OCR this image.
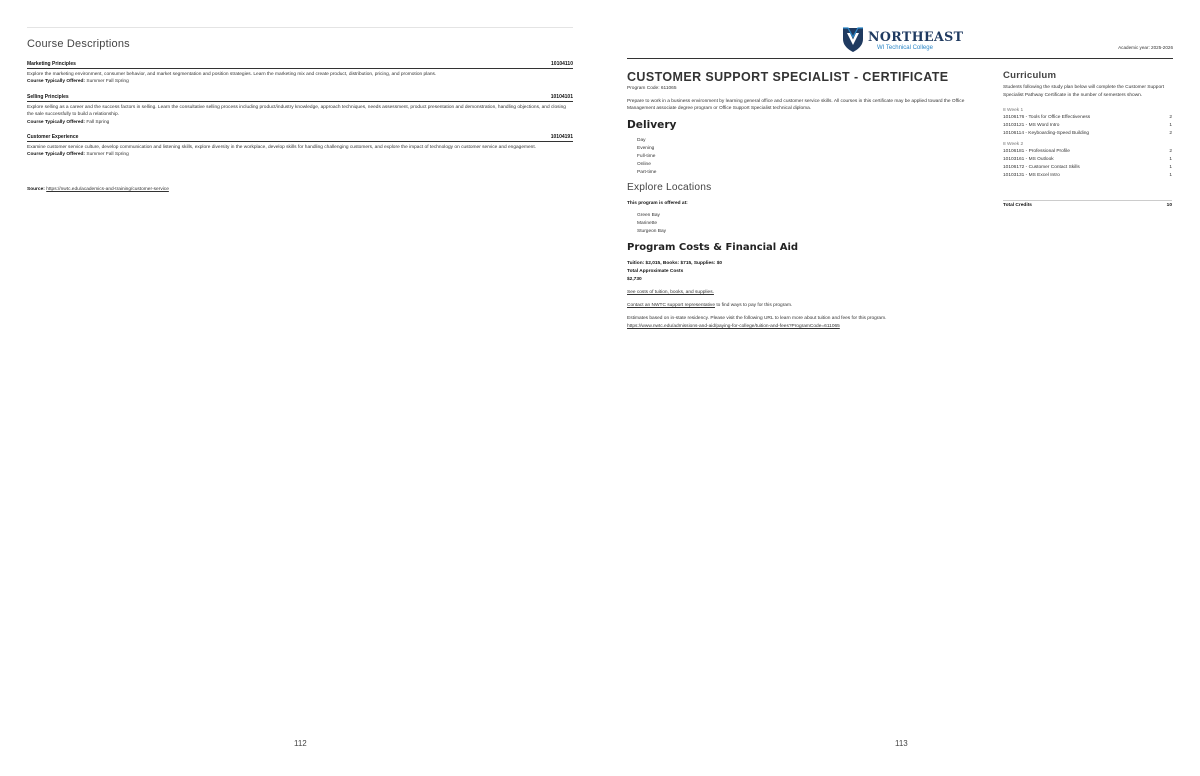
Course Descriptions
Marketing Principles	10104110
Explore the marketing environment, consumer behavior, and market segmentation and position strategies. Learn the marketing mix and create product, distribution, pricing, and promotion plans.
Course Typically Offered: Summer Fall Spring
Selling Principles	10104101
Explore selling as a career and the success factors in selling. Learn the consultative selling process including product/industry knowledge, approach techniques, needs assessment, product presentation and demonstration, handling objections, and closing the sale successfully to build a relationship.
Course Typically Offered: Fall Spring
Customer Experience	10104191
Examine customer service culture, develop communication and listening skills, explore diversity in the workplace, develop skills for handling challenging customers, and explore the impact of technology on customer service and engagement.
Course Typically Offered: Summer Fall Spring
Source: https://nwtc.edu/academics-and-training/customer-service
112
NORTHEAST
WI Technical College	Academic year: 2025-2026
CUSTOMER SUPPORT SPECIALIST - CERTIFICATE
Program Code: 611065
Prepare to work in a business environment by learning general office and customer service skills. All courses in this certificate may be applied toward the Office Management associate degree program or Office Support Specialist technical diploma.
Delivery
Day
Evening
Full-time
Online
Part-time
Explore Locations
This program is offered at:
Green Bay
Marinette
Sturgeon Bay
Program Costs & Financial Aid
Tuition: $2,015, Books: $715, Supplies: $0
Total Approximate Costs
$2,730
See costs of tuition, books, and supplies.
Contact an NWTC support representative to find ways to pay for this program.
Estimates based on in-state residency. Please visit the following URL to learn more about tuition and fees for this program.
https://www.nwtc.edu/admissions-and-aid/paying-for-college/tuition-and-fees?ProgramCode=611065
Curriculum
Students following the study plan below will complete the Customer Support Specialist Pathway Certificate in the number of semesters shown.
8 Week 1
10106176 - Tools for Office Effectiveness	2
10103121 - MS Word Intro	1
10106114 - Keyboarding-Speed Building	2
8 Week 2
10106181 - Professional Profile	2
10103161 - MS Outlook	1
10106172 - Customer Contact Skills	1
10103131 - MS Excel Intro	1
Total Credits	10
113
